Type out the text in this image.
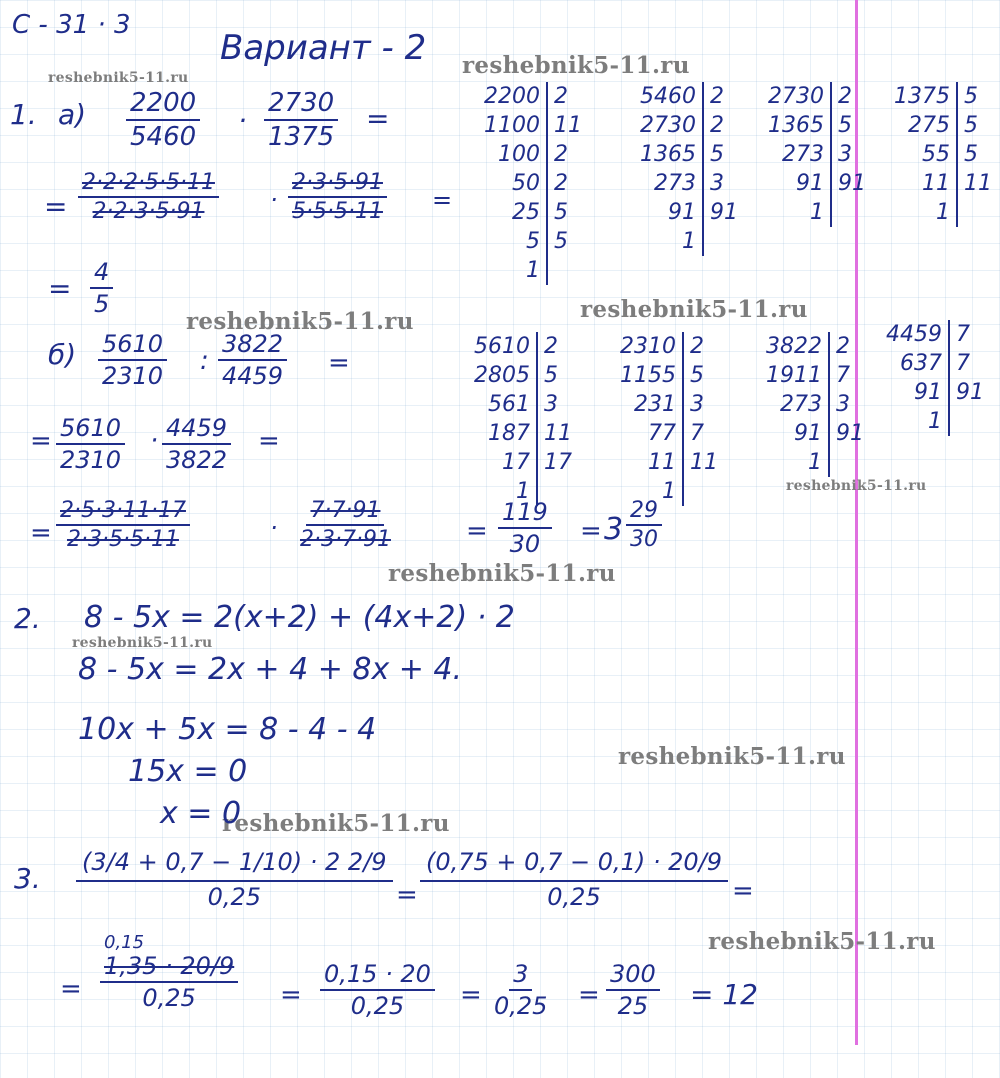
С - 31 · 3
Вариант - 2
reshebnik5-11.ru	reshebnik5-11.ru
reshebnik5-11.ru
reshebnik5-11.ru
reshebnik5-11.ru
reshebnik5-11.ru
reshebnik5-11.ru
reshebnik5-11.ru
reshebnik5-11.ru
reshebnik5-11.ru
1. $а) \frac{2200}{5460} \cdot \frac{2730}{1375}$ =
= $\frac{2\cdot 2\cdot 2\cdot 5\cdot 5\cdot 11}{2\cdot 2\cdot 3\cdot 5\cdot 91} \cdot \frac{2\cdot 3\cdot 5\cdot 91}{5\cdot 5\cdot 5\cdot 11}$ =
= $\frac{4}{5}$
2200 2
1100 11
100 2
50 2
25 5
5 5
1
5460 2
2730 2
1365 5
273 3
91 91
1
2730 2
1365 5
273 3
91 91
1
1375 5
275 5
55 5
11 11
1
$б) \frac{5610}{2310}$ : $\frac{3822}{4459}$ =
= $\frac{5610}{2310} \cdot \frac{4459}{3822}$ =
= $\frac{2\cdot 5\cdot 3\cdot 11\cdot 17}{2\cdot 3\cdot 5\cdot 5\cdot 11}$	· $\frac{7\cdot 7\cdot 91}{2\cdot 3\cdot 7\cdot 91}$	= $\frac{119}{30} = 3 \frac{29}{30}$
5610 2
2805 5
561 3
187 11
17 17
1
2310 2
1155 5
231 3
77 7
11 11
1
3822 2
1911 7
273 3
91 91
1
4459 7
637 7
91 91
1
2. 8 - 5x = 2(x+2) + (4x+2) · 2
8 - 5x = 2x + 4 + 8x + 4.
10x + 5x = 8 - 4 - 4
15x = 0
x = 0
3. $\frac{(3/4 + 0,7 - 1/10) \cdot 2 2/9}{0,25} = \frac{(0,75 + 0,7 - 0,1) \cdot 20/9}{0,25}$ =
0,15
= $\frac{1,35 \cdot 20/9}{0,25} = \frac{0,15 \cdot 20}{0,25} = \frac{3}{0,25} = \frac{300}{25} = 12$
